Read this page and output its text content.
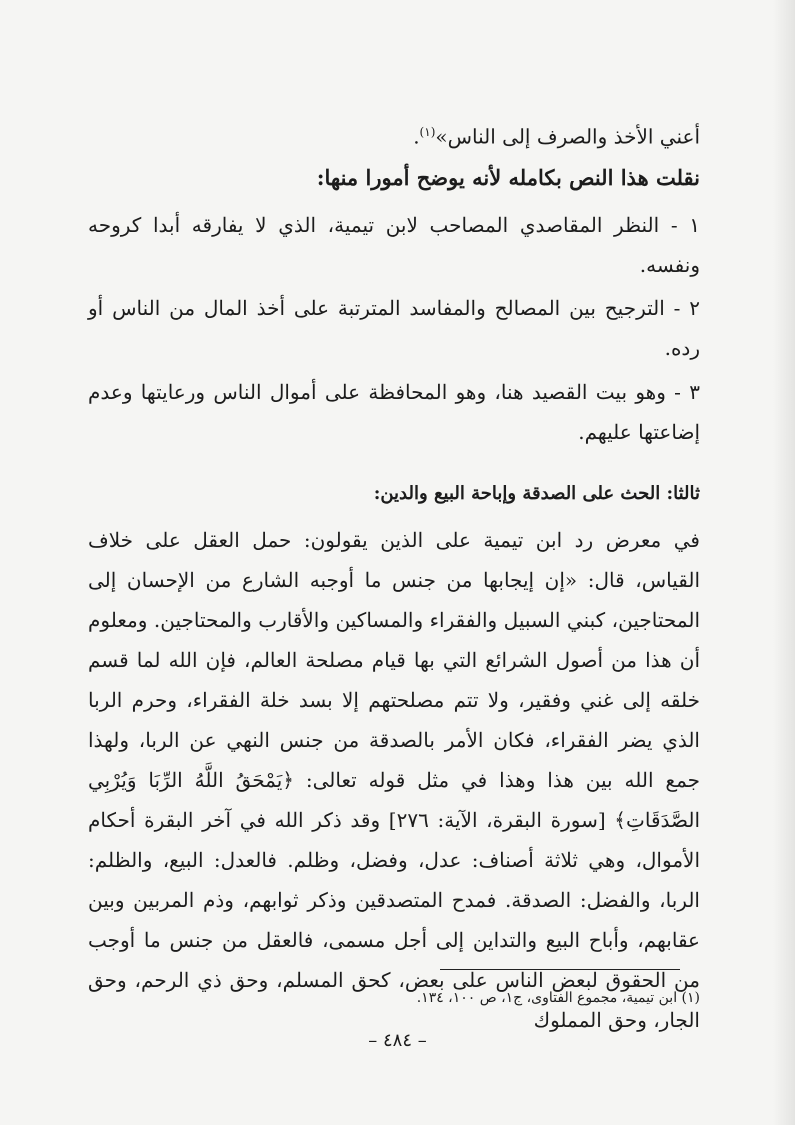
أعني الأخذ والصرف إلى الناس»$^{(١)}$.
نقلت هذا النص بكامله لأنه يوضح أمورا منها:
١ - النظر المقاصدي المصاحب لابن تيمية، الذي لا يفارقه أبدا كروحه ونفسه.
٢ - الترجيح بين المصالح والمفاسد المترتبة على أخذ المال من الناس أو رده.
٣ - وهو بيت القصيد هنا، وهو المحافظة على أموال الناس ورعايتها وعدم إضاعتها عليهم.
ثالثا: الحث على الصدقة وإباحة البيع والدين:
في معرض رد ابن تيمية على الذين يقولون: حمل العقل على خلاف القياس، قال: «إن إيجابها من جنس ما أوجبه الشارع من الإحسان إلى المحتاجين، كبني السبيل والفقراء والمساكين والأقارب والمحتاجين. ومعلوم أن هذا من أصول الشرائع التي بها قيام مصلحة العالم، فإن الله لما قسم خلقه إلى غني وفقير، ولا تتم مصلحتهم إلا بسد خلة الفقراء، وحرم الربا الذي يضر الفقراء، فكان الأمر بالصدقة من جنس النهي عن الربا، ولهذا جمع الله بين هذا وهذا في مثل قوله تعالى: ﴿يَمْحَقُ اللَّهُ الرِّبَا وَيُرْبِي الصَّدَقَاتِ﴾ [سورة البقرة، الآية: ٢٧٦] وقد ذكر الله في آخر البقرة أحكام الأموال، وهي ثلاثة أصناف: عدل، وفضل، وظلم. فالعدل: البيع، والظلم: الربا، والفضل: الصدقة. فمدح المتصدقين وذكر ثوابهم، وذم المربين وبين عقابهم، وأباح البيع والتداين إلى أجل مسمى، فالعقل من جنس ما أوجب من الحقوق لبعض الناس على بعض، كحق المسلم، وحق ذي الرحم، وحق الجار، وحق المملوك
(١) ابن تيمية، مجموع الفتاوى، ج١، ص ١٠٠، ١٣٤.
– ٤٨٤ –
